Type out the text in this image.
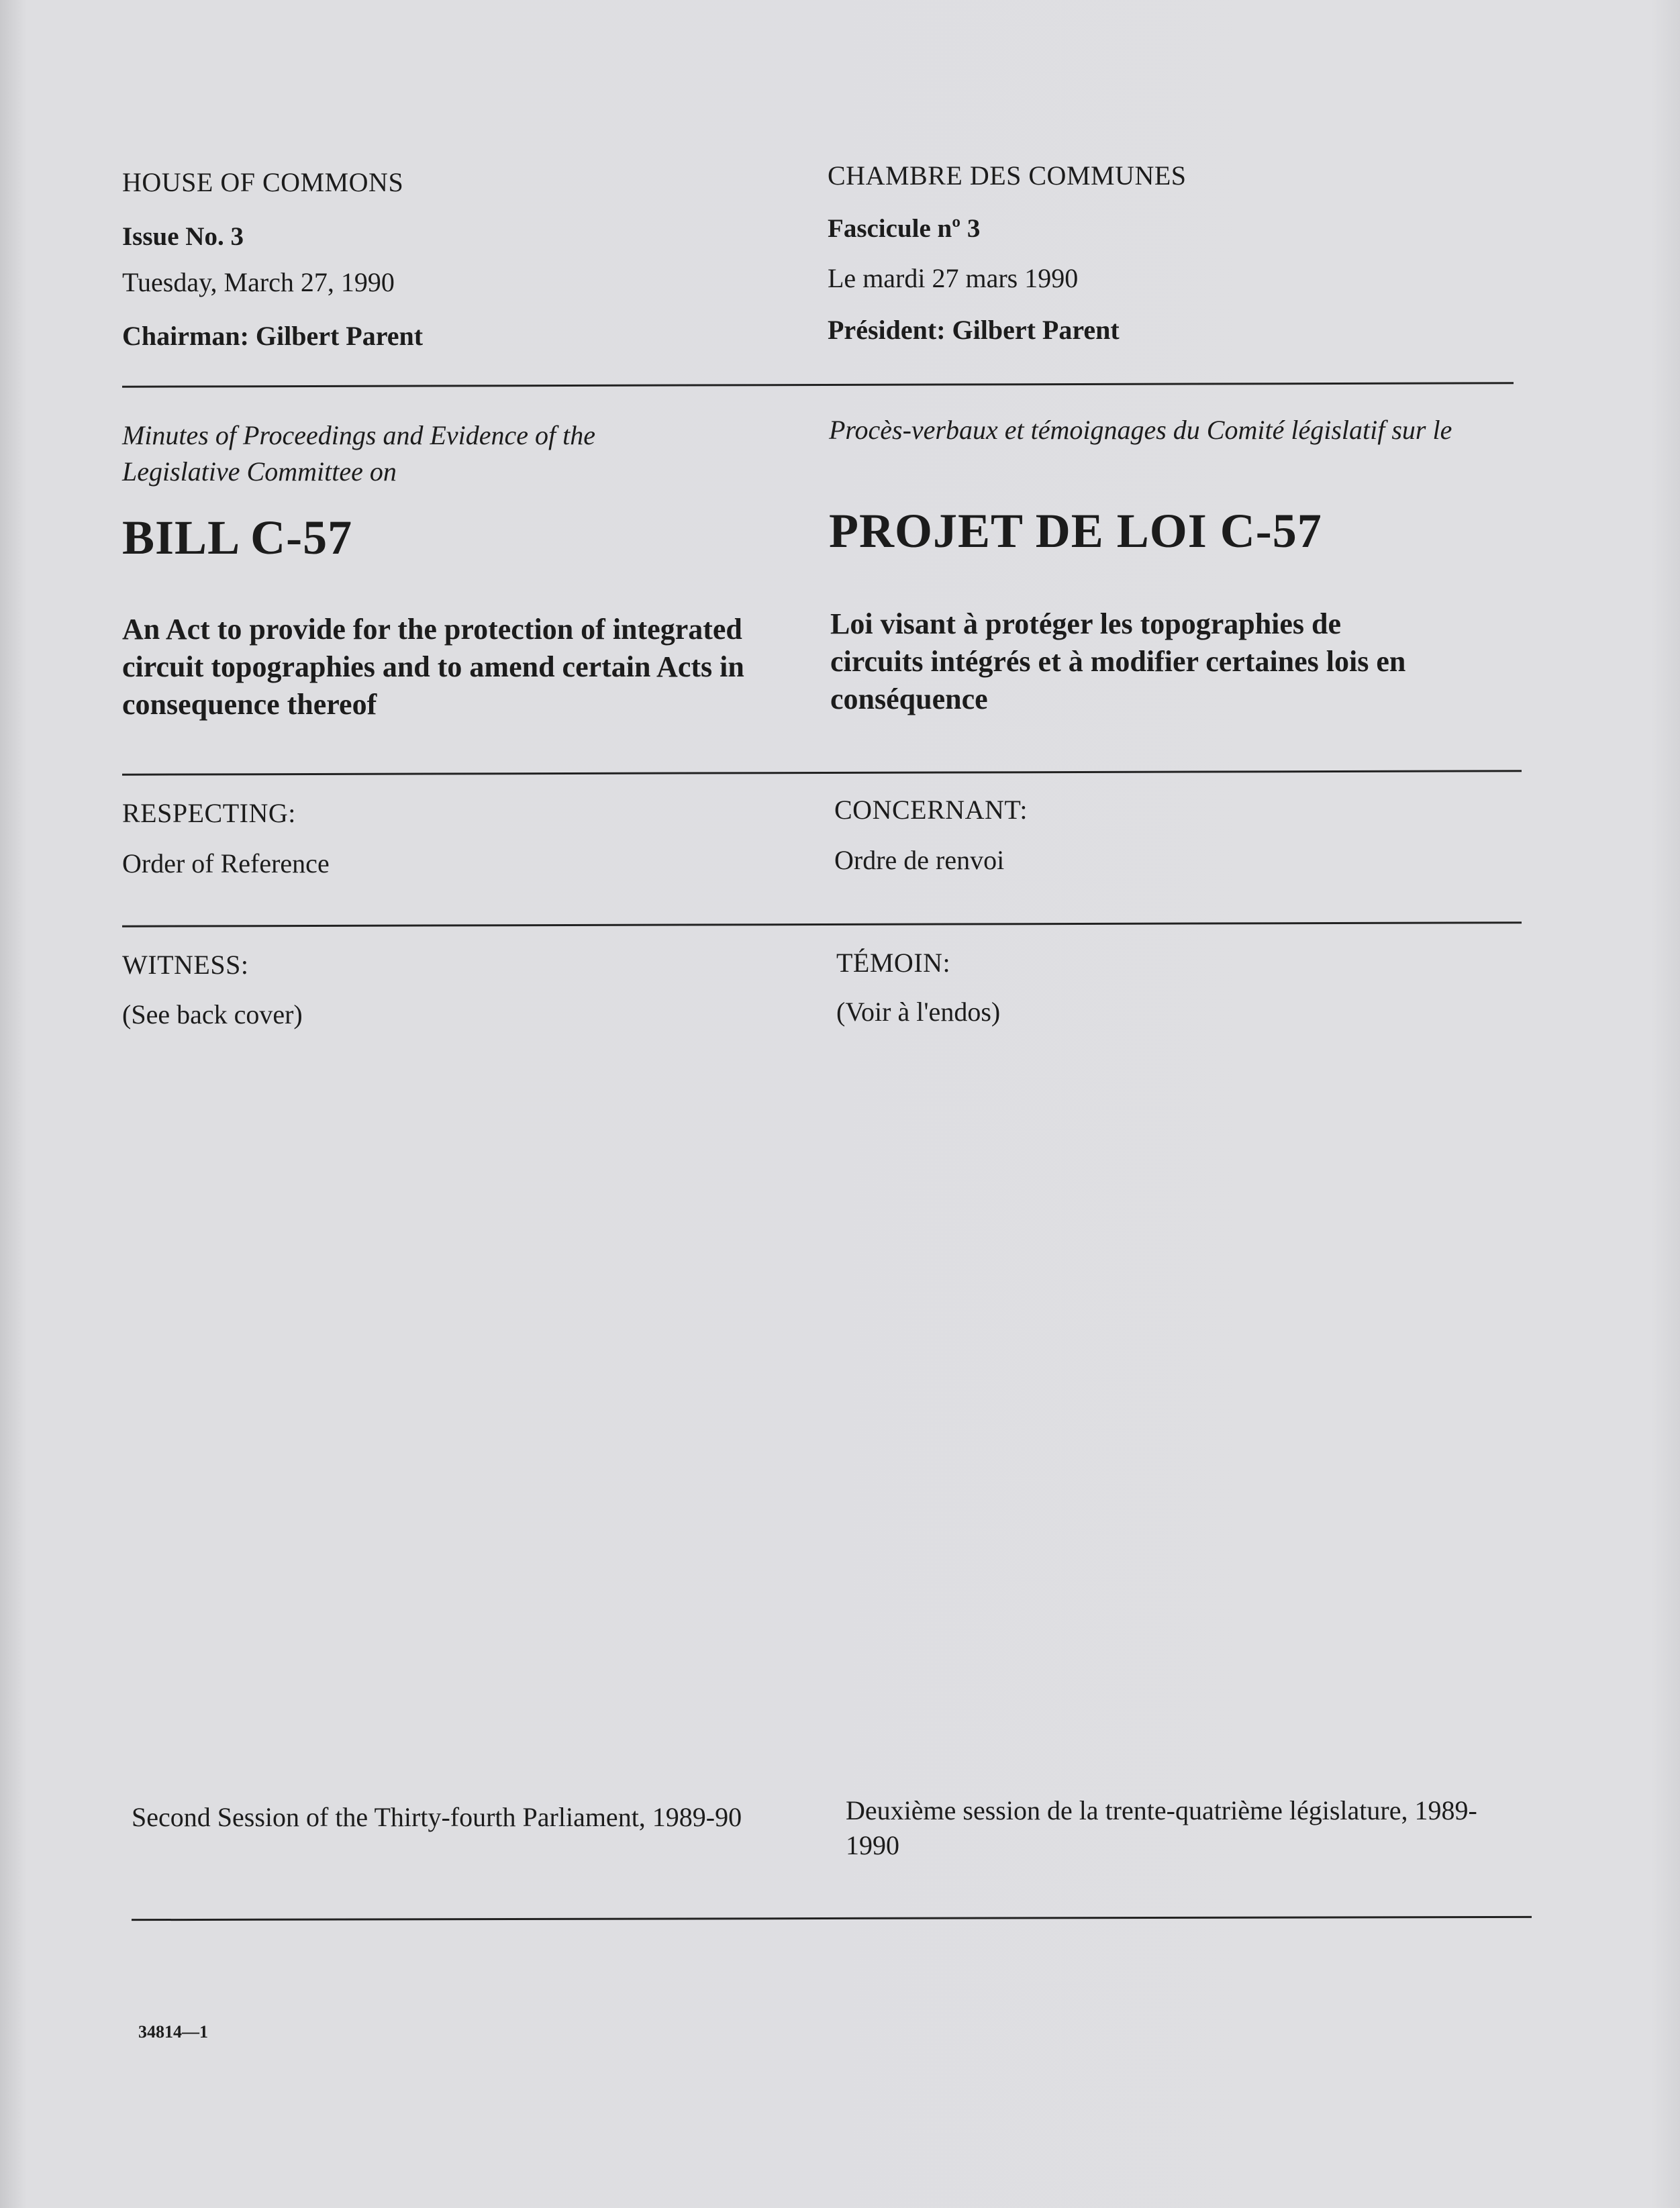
HOUSE OF COMMONS
Issue No. 3
Tuesday, March 27, 1990
Chairman: Gilbert Parent
Minutes of Proceedings and Evidence of the Legislative Committee on
BILL C-57
An Act to provide for the protection of integrated circuit topographies and to amend certain Acts in consequence thereof
RESPECTING:
Order of Reference
WITNESS:
(See back cover)
Second Session of the Thirty-fourth Parliament, 1989-90
34814—1
CHAMBRE DES COMMUNES
Fascicule nº 3
Le mardi 27 mars 1990
Président: Gilbert Parent
Procès-verbaux et témoignages du Comité législatif sur le
PROJET DE LOI C-57
Loi visant à protéger les topographies de circuits intégrés et à modifier certaines lois en conséquence
CONCERNANT:
Ordre de renvoi
TÉMOIN:
(Voir à l'endos)
Deuxième session de la trente-quatrième législature, 1989-1990
